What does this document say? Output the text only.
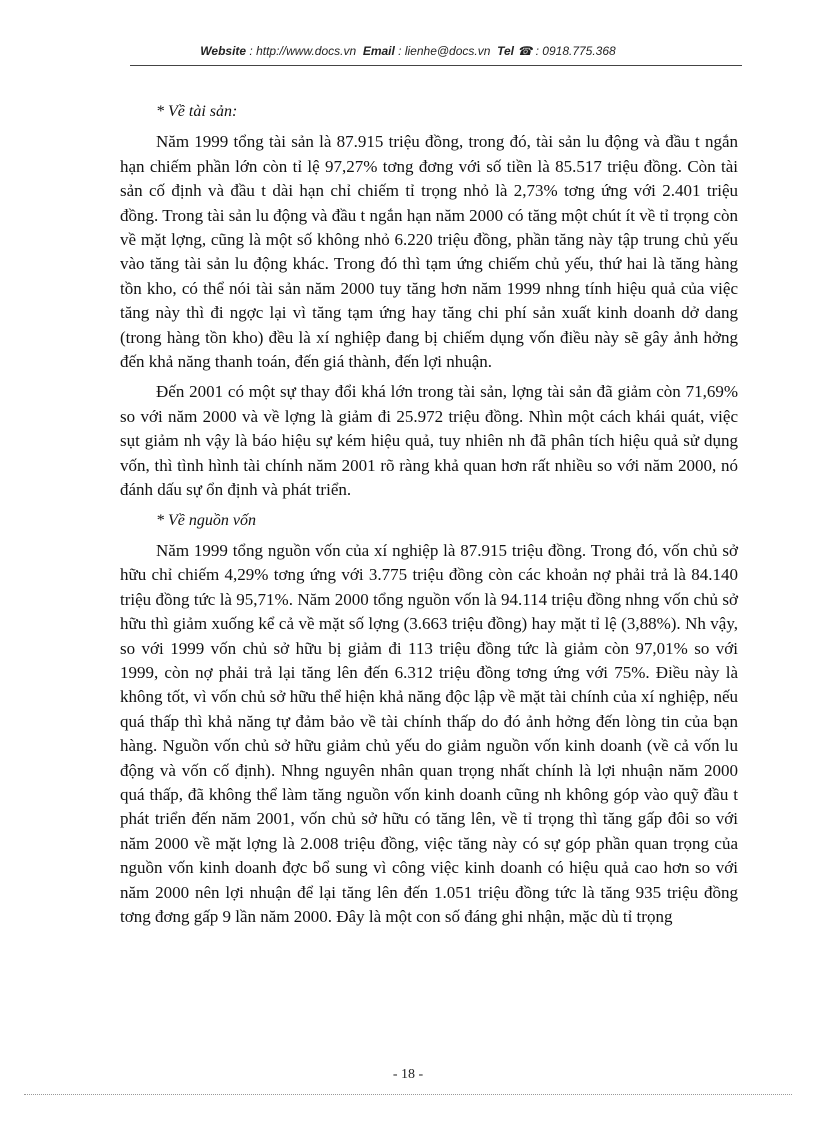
Website : http://www.docs.vn Email : lienhe@docs.vn Tel ☎ : 0918.775.368

* Về tài sản:

Năm 1999 tổng tài sản là 87.915 triệu đồng, trong đó, tài sản lu động và đầu t ngắn hạn chiếm phần lớn còn tỉ lệ 97,27% tơng đơng với số tiền là 85.517 triệu đồng. Còn tài sản cố định và đầu t dài hạn chỉ chiếm tỉ trọng nhỏ là 2,73% tơng ứng với 2.401 triệu đồng. Trong tài sản lu động và đầu t ngắn hạn năm 2000 có tăng một chút ít về tỉ trọng còn về mặt lợng, cũng là một số không nhỏ 6.220 triệu đồng, phần tăng này tập trung chủ yếu vào tăng tài sản lu động khác. Trong đó thì tạm ứng chiếm chủ yếu, thứ hai là tăng hàng tồn kho, có thể nói tài sản năm 2000 tuy tăng hơn năm 1999 nhng tính hiệu quả của việc tăng này thì đi ngợc lại vì tăng tạm ứng hay tăng chi phí sản xuất kinh doanh dở dang (trong hàng tồn kho) đều là xí nghiệp đang bị chiếm dụng vốn điều này sẽ gây ảnh hởng đến khả năng thanh toán, đến giá thành, đến lợi nhuận.

Đến 2001 có một sự thay đổi khá lớn trong tài sản, lợng tài sản đã giảm còn 71,69% so với năm 2000 và về lợng là giảm đi 25.972 triệu đồng. Nhìn một cách khái quát, việc sụt giảm nh vậy là báo hiệu sự kém hiệu quả, tuy nhiên nh đã phân tích hiệu quả sử dụng vốn, thì tình hình tài chính năm 2001 rõ ràng khả quan hơn rất nhiều so với năm 2000, nó đánh dấu sự ổn định và phát triển.

* Về nguồn vốn

Năm 1999 tổng nguồn vốn của xí nghiệp là 87.915 triệu đồng. Trong đó, vốn chủ sở hữu chỉ chiếm 4,29% tơng ứng với 3.775 triệu đồng còn các khoản nợ phải trả là 84.140 triệu đồng tức là 95,71%. Năm 2000 tổng nguồn vốn là 94.114 triệu đồng nhng vốn chủ sở hữu thì giảm xuống kể cả về mặt số lợng (3.663 triệu đồng) hay mặt tỉ lệ (3,88%). Nh vậy, so với 1999 vốn chủ sở hữu bị giảm đi 113 triệu đồng tức là giảm còn 97,01% so với 1999, còn nợ phải trả lại tăng lên đến 6.312 triệu đồng tơng ứng với 75%. Điều này là không tốt, vì vốn chủ sở hữu thể hiện khả năng độc lập về mặt tài chính của xí nghiệp, nếu quá thấp thì khả năng tự đảm bảo về tài chính thấp do đó ảnh hởng đến lòng tin của bạn hàng. Nguồn vốn chủ sở hữu giảm chủ yếu do giảm nguồn vốn kinh doanh (về cả vốn lu động và vốn cố định). Nhng nguyên nhân quan trọng nhất chính là lợi nhuận năm 2000 quá thấp, đã không thể làm tăng nguồn vốn kinh doanh cũng nh không góp vào quỹ đầu t phát triển đến năm 2001, vốn chủ sở hữu có tăng lên, về tỉ trọng thì tăng gấp đôi so với năm 2000 về mặt lợng là 2.008 triệu đồng, việc tăng này có sự góp phần quan trọng của nguồn vốn kinh doanh đợc bổ sung vì công việc kinh doanh có hiệu quả cao hơn so với năm 2000 nên lợi nhuận để lại tăng lên đến 1.051 triệu đồng tức là tăng 935 triệu đồng tơng đơng gấp 9 lần năm 2000. Đây là một con số đáng ghi nhận, mặc dù tỉ trọng

- 18 -
